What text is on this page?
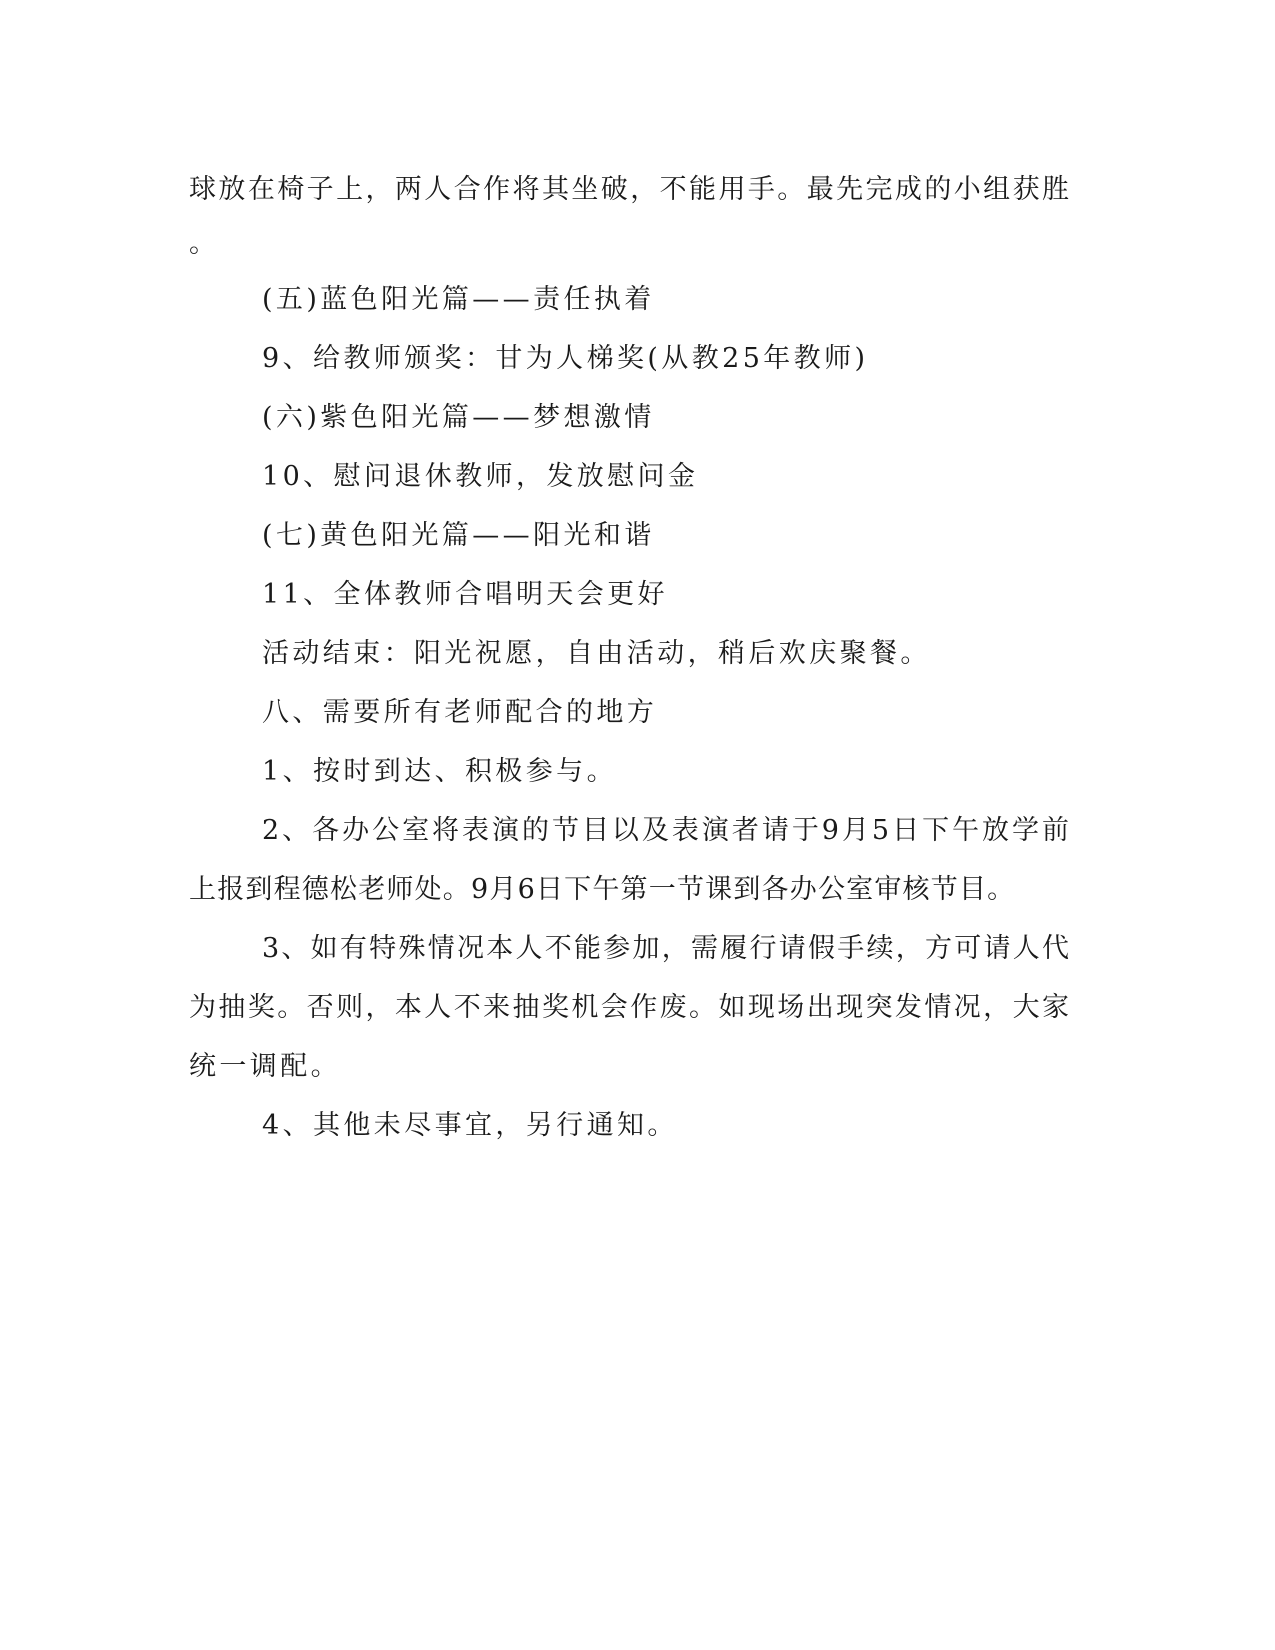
球放在椅子上，两人合作将其坐破，不能用手。最先完成的小组获胜

。

(五)蓝色阳光篇——责任执着

9、给教师颁奖：甘为人梯奖(从教25年教师)

(六)紫色阳光篇——梦想激情

10、慰问退休教师，发放慰问金

(七)黄色阳光篇——阳光和谐

11、全体教师合唱明天会更好

活动结束：阳光祝愿，自由活动，稍后欢庆聚餐。

八、需要所有老师配合的地方

1、按时到达、积极参与。

2、各办公室将表演的节目以及表演者请于9月5日下午放学前

上报到程德松老师处。9月6日下午第一节课到各办公室审核节目。

3、如有特殊情况本人不能参加，需履行请假手续，方可请人代

为抽奖。否则，本人不来抽奖机会作废。如现场出现突发情况，大家

统一调配。

4、其他未尽事宜，另行通知。
